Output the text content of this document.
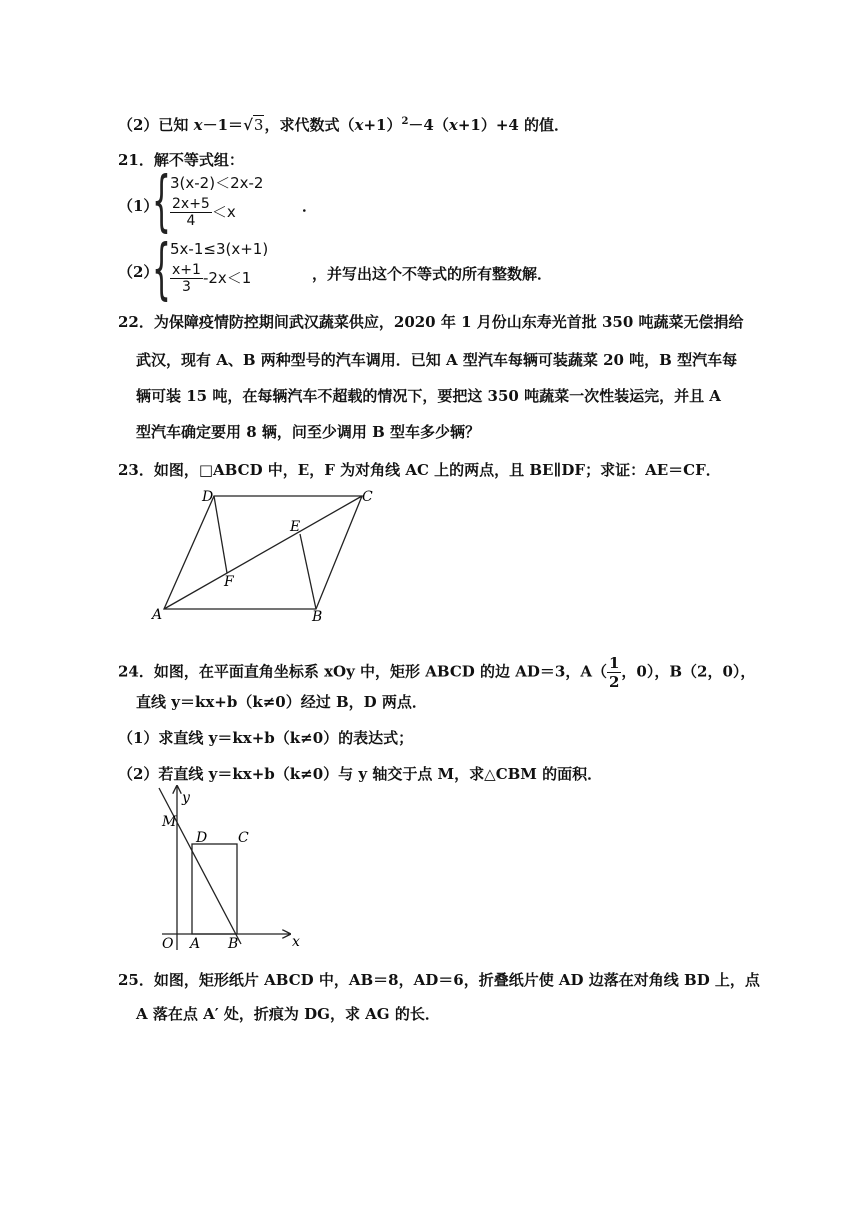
（2）已知 x－1＝√3，求代数式$(x+1)^2-4(x+1)+4$ 的值．
21．解不等式组：
（1）
{ 3(x-2)＜2x-2
$\frac{2x+5}{4} <x$	．
（2）
{ 5x-1≤3(x+1)
$\frac{x+1}{3} -2x<1$	，并写出这个不等式的所有整数解．
22．为保障疫情防控期间武汉蔬菜供应，2020 年 1 月份山东寿光首批 350 吨蔬菜无偿捐给
武汉，现有 A、B 两种型号的汽车调用．已知 A 型汽车每辆可装蔬菜 20 吨，B 型汽车每
辆可装 15 吨，在每辆汽车不超载的情况下，要把这 350 吨蔬菜一次性装运完，并且 A
型汽车确定要用 8 辆，问至少调用 B 型车多少辆？
23．如图，□ABCD 中，E，F 为对角线 AC 上的两点，且 BE∥DF；求证：AE＝CF．
A	B
C
D
E
F
24．如图，在平面直角坐标系 xOy 中，矩形 ABCD 的边 AD＝3，$A( \frac{1}{2}$ ，0），B（2，0），
直线 y＝kx+b（k≠0）经过 B，D 两点．
（1）求直线 y＝kx+b（k≠0）的表达式；
（2）若直线 y＝kx+b（k≠0）与 y 轴交于点 M，求△CBM 的面积．
y
x
M
D C
O A B
25．如图，矩形纸片 ABCD 中，AB＝8，AD＝6，折叠纸片使 AD 边落在对角线 BD 上，点
A 落在点 A′ 处，折痕为 DG，求 AG 的长．
